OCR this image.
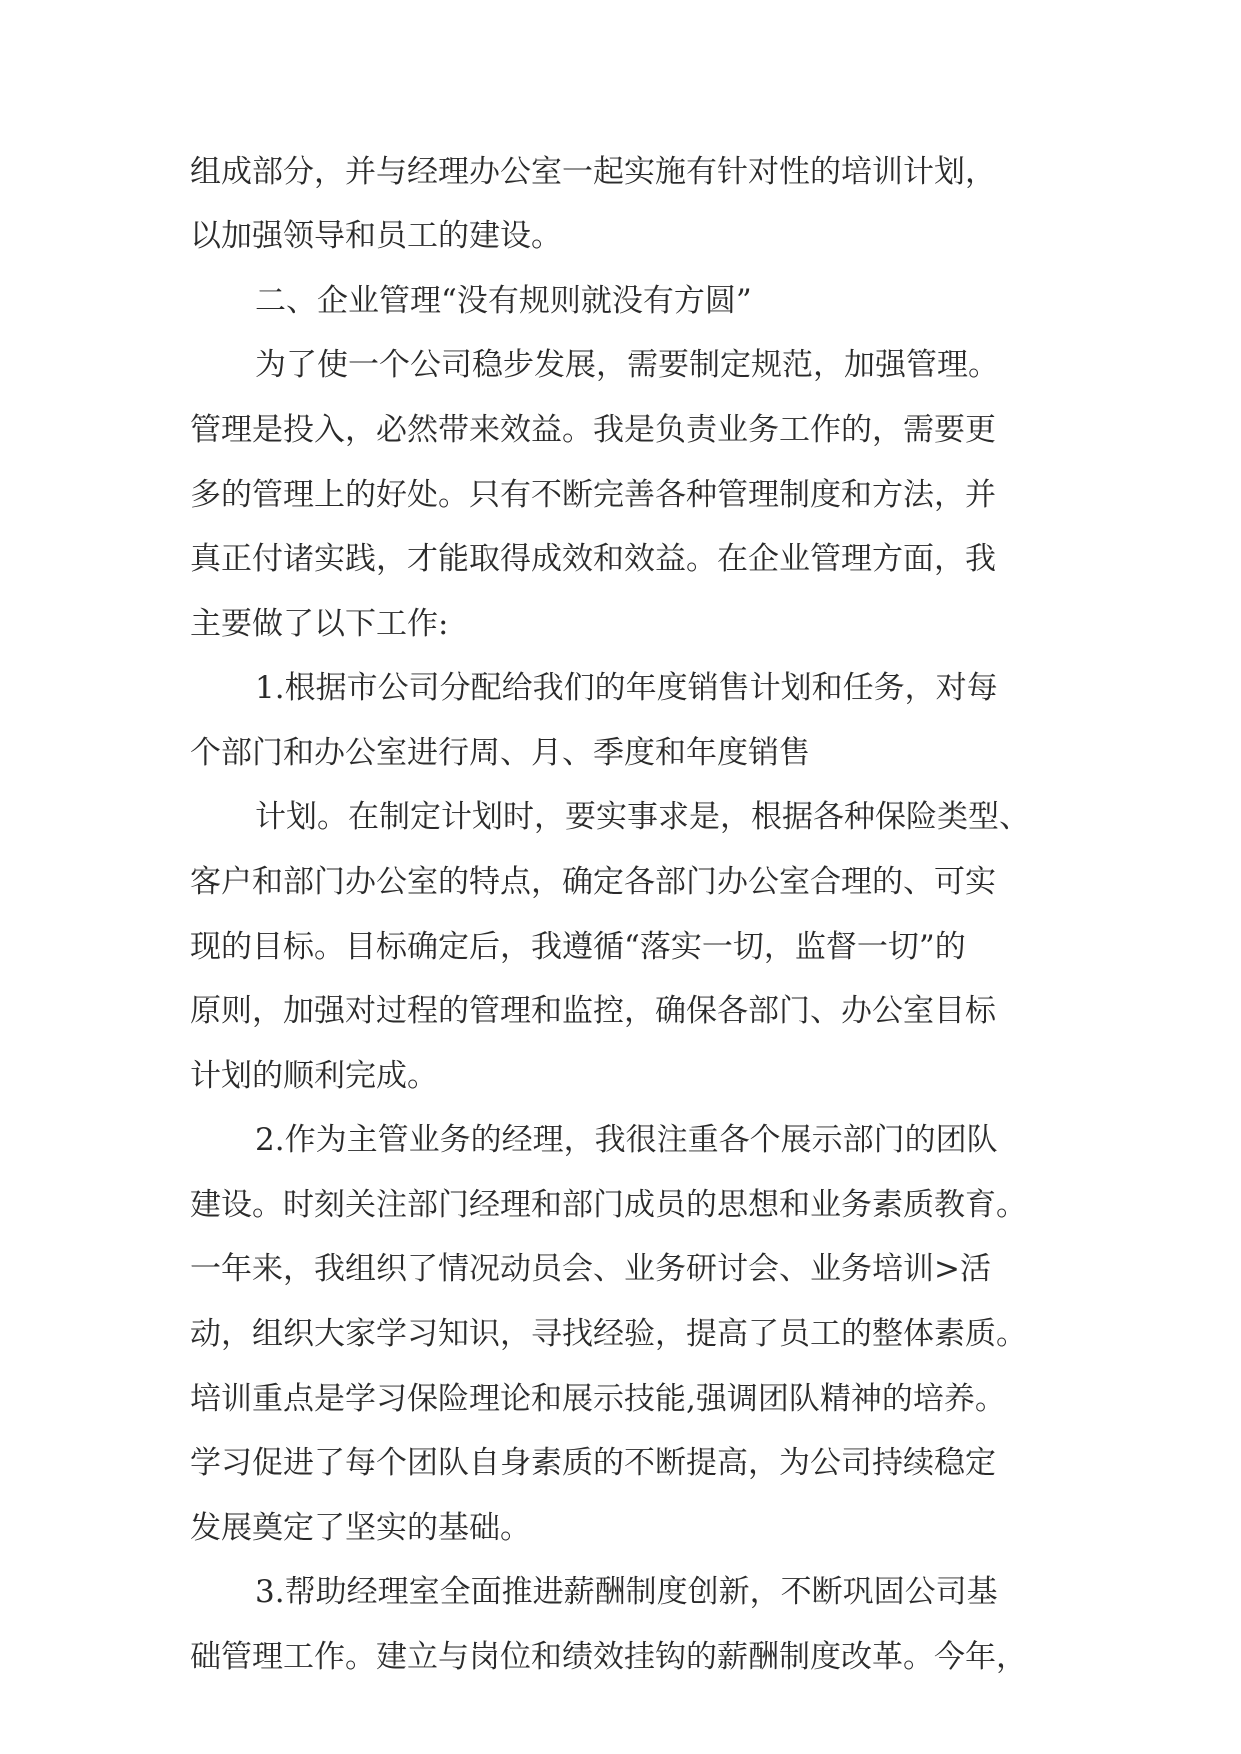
组成部分，并与经理办公室一起实施有针对性的培训计划，
以加强领导和员工的建设。
二、企业管理“没有规则就没有方圆”
为了使一个公司稳步发展，需要制定规范，加强管理。
管理是投入，必然带来效益。我是负责业务工作的，需要更
多的管理上的好处。只有不断完善各种管理制度和方法，并
真正付诸实践，才能取得成效和效益。在企业管理方面，我
主要做了以下工作:
1.根据市公司分配给我们的年度销售计划和任务，对每
个部门和办公室进行周、月、季度和年度销售
计划。在制定计划时，要实事求是，根据各种保险类型、
客户和部门办公室的特点，确定各部门办公室合理的、可实
现的目标。目标确定后，我遵循“落实一切，监督一切”的
原则，加强对过程的管理和监控，确保各部门、办公室目标
计划的顺利完成。
2.作为主管业务的经理，我很注重各个展示部门的团队
建设。时刻关注部门经理和部门成员的思想和业务素质教育。
一年来，我组织了情况动员会、业务研讨会、业务培训>活
动，组织大家学习知识，寻找经验，提高了员工的整体素质。
培训重点是学习保险理论和展示技能,强调团队精神的培养。
学习促进了每个团队自身素质的不断提高，为公司持续稳定
发展奠定了坚实的基础。
3.帮助经理室全面推进薪酬制度创新，不断巩固公司基
础管理工作。建立与岗位和绩效挂钩的薪酬制度改革。今年，
